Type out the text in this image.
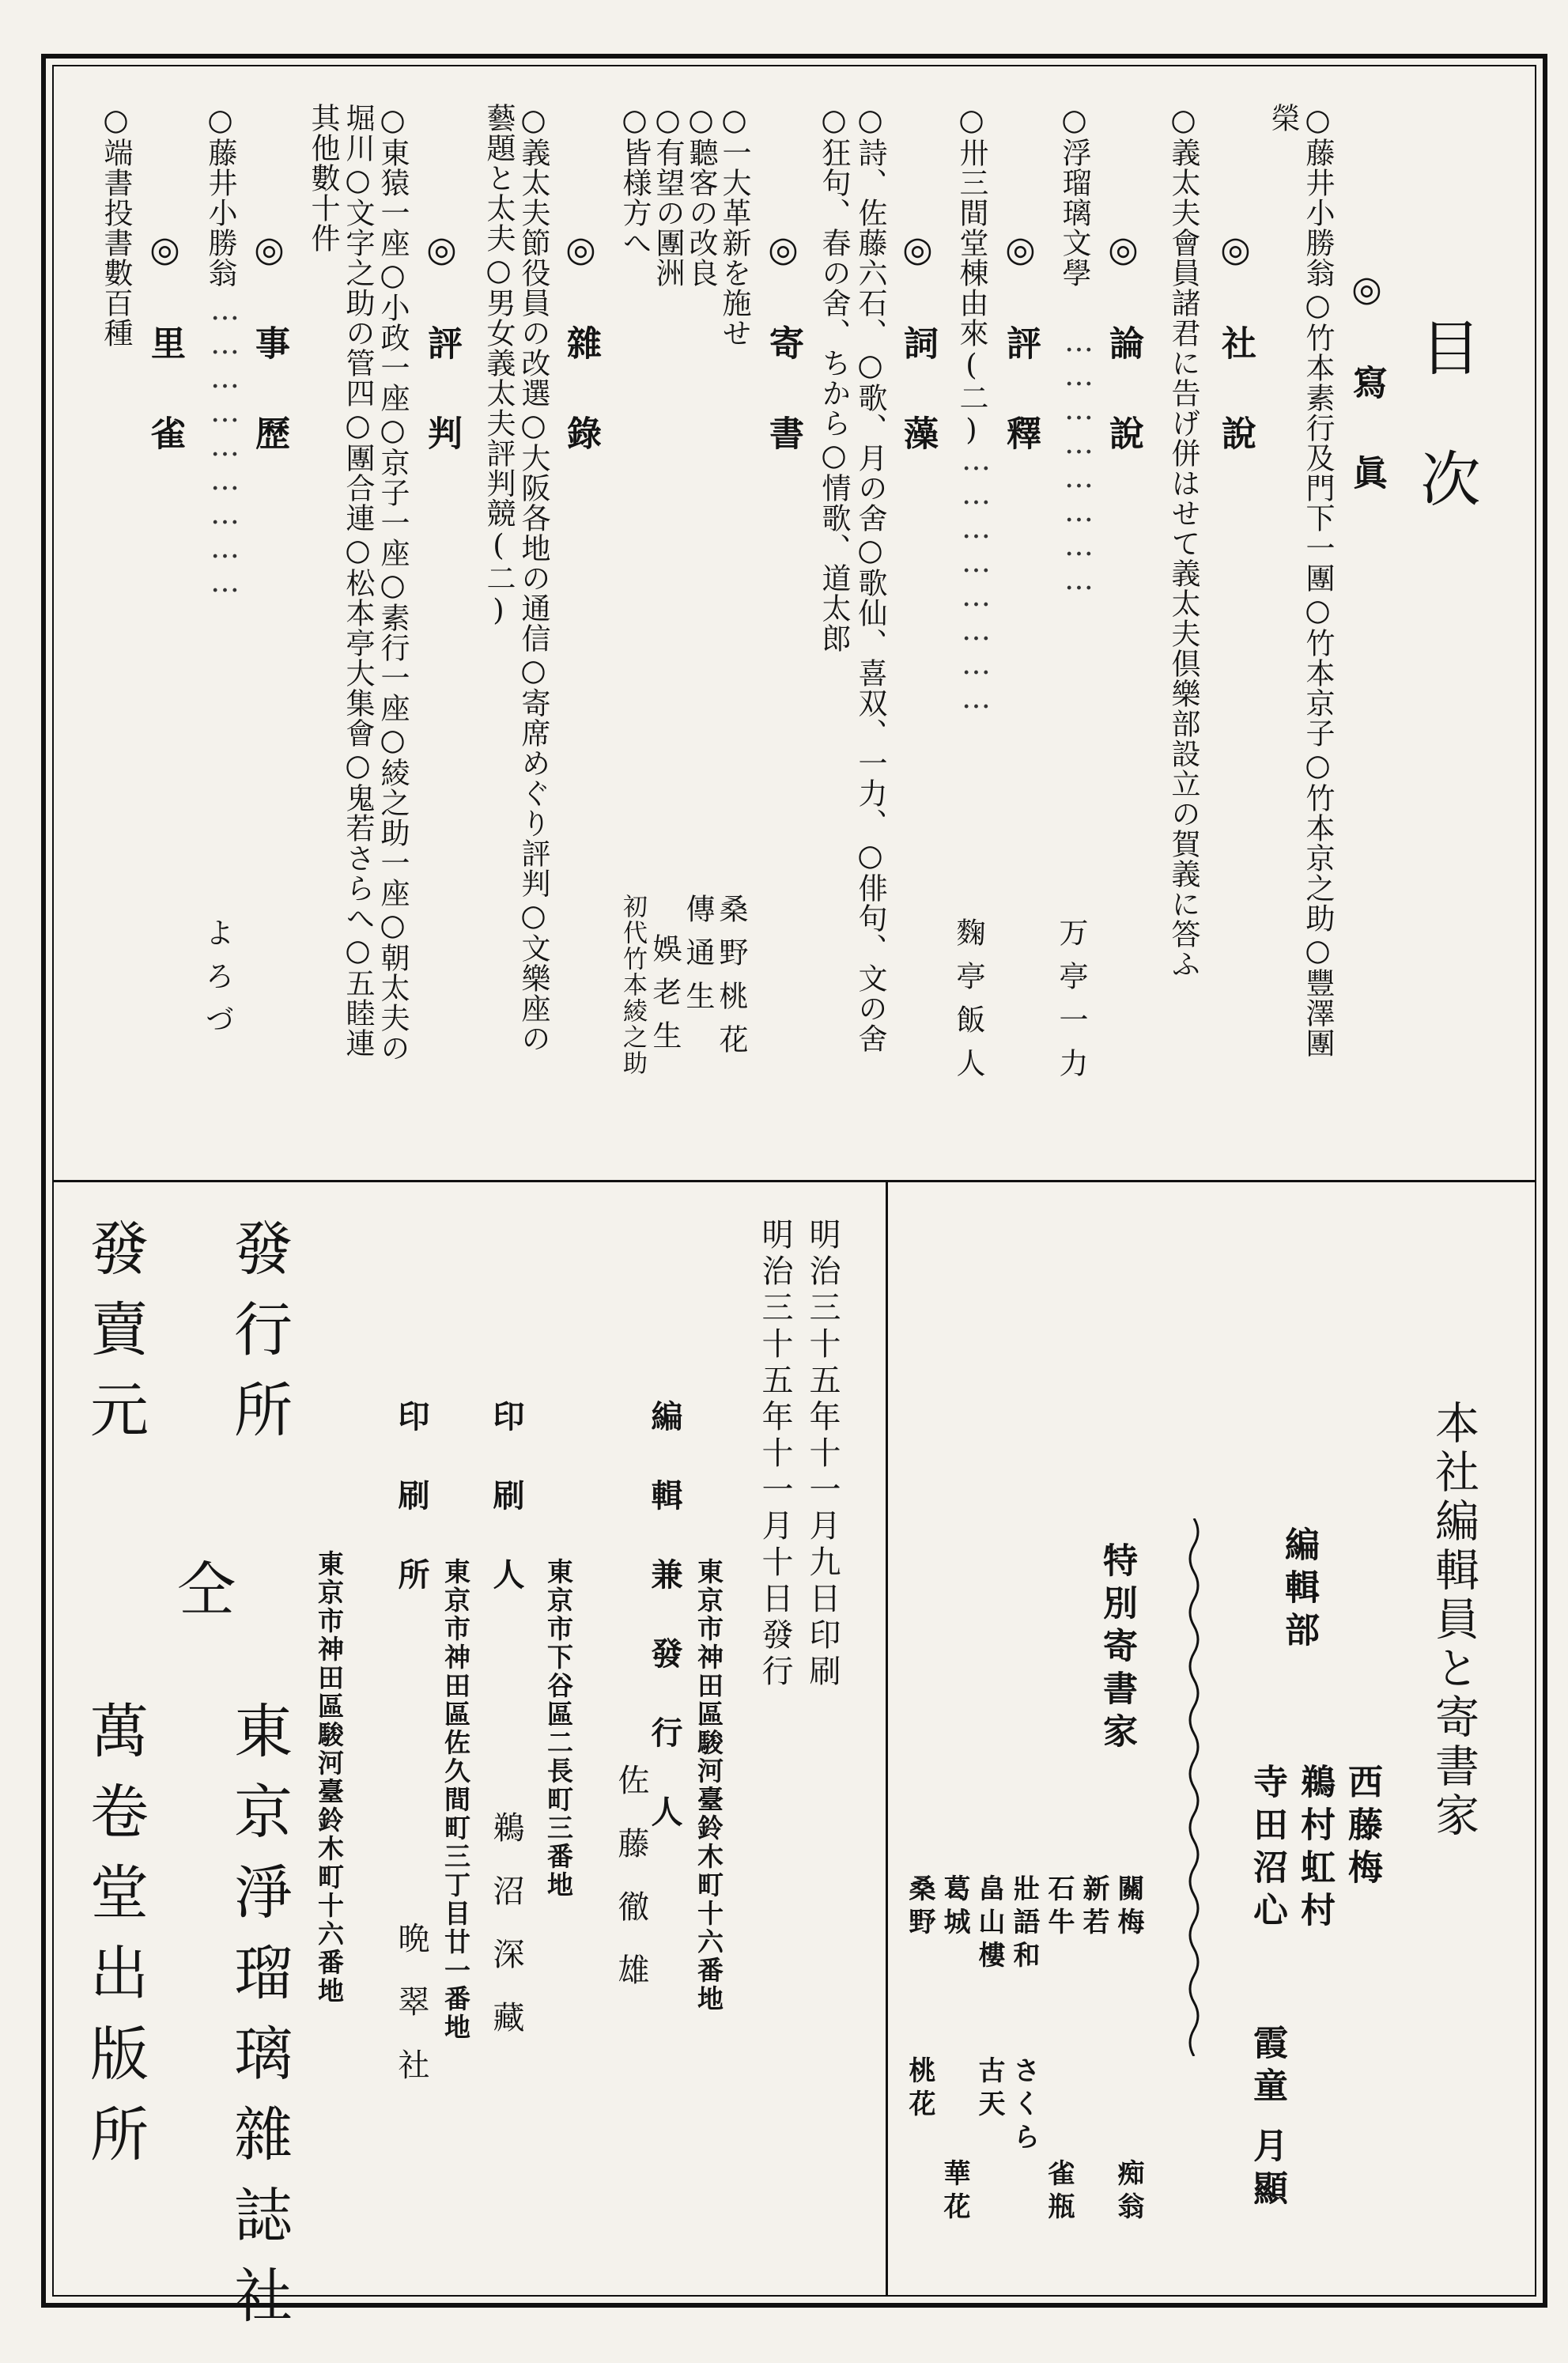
目次
◎寫眞
○藤井小勝翁○竹本素行及門下一團○竹本京子○竹本京之助○豐澤團
榮
◎社說
○義太夫會員諸君に告げ併はせて義太夫倶樂部設立の賀義に答ふ
◎論說
○浮瑠璃文學
……………………
万亭一力
◎評釋
○卅三間堂棟由來(二)
……………………
麴亭飯人
◎詞藻
○詩、佐藤六石、○歌、月の舍○歌仙、喜双、一力、○俳句、文の舍
○狂句、春の舍、ちから○情歌、道太郎
◎寄書
○一大革新を施せ
桑野桃花
○聽客の改良
傳通生
○有望の團洲
娛老生
○皆様方へ
初代竹本綾之助
◎雜錄
○義太夫節役員の改選○大阪各地の通信○寄席めぐり評判○文樂座の
藝題と太夫○男女義太夫評判競(二)
◎評判
○東猿一座○小政一座○京子一座○素行一座○綾之助一座○朝太夫の
堀川○文字之助の管四○團合連○松本亭大集會○鬼若さらへ○五睦連
其他數十件
◎事歷
○藤井小勝翁
………………………
よろづ
◎里雀
○端書投書數百種
本社編輯員と寄書家
編輯部
西藤梅
鵜村虹村
寺田沼心
霞童
月顯
特別寄書家
關梅
新若
石牛
壯語和
畠山樓
葛城
桑野
古天
桃花	さくら
痴翁
雀瓶
華花
明治三十五年十一月九日印刷
明治三十五年十一月十日發行
編輯兼發行人 東京市神田區駿河臺鈴木町十六番地
佐藤徹雄
印刷人
東京市下谷區二長町三番地
鵜沼深藏
印刷所
東京市神田區佐久間町三丁目廿一番地
晩翠社
發行所
東京淨瑠璃雜誌社 東京市神田區駿河臺鈴木町十六番地
仝
發賣元
萬卷堂出版所
